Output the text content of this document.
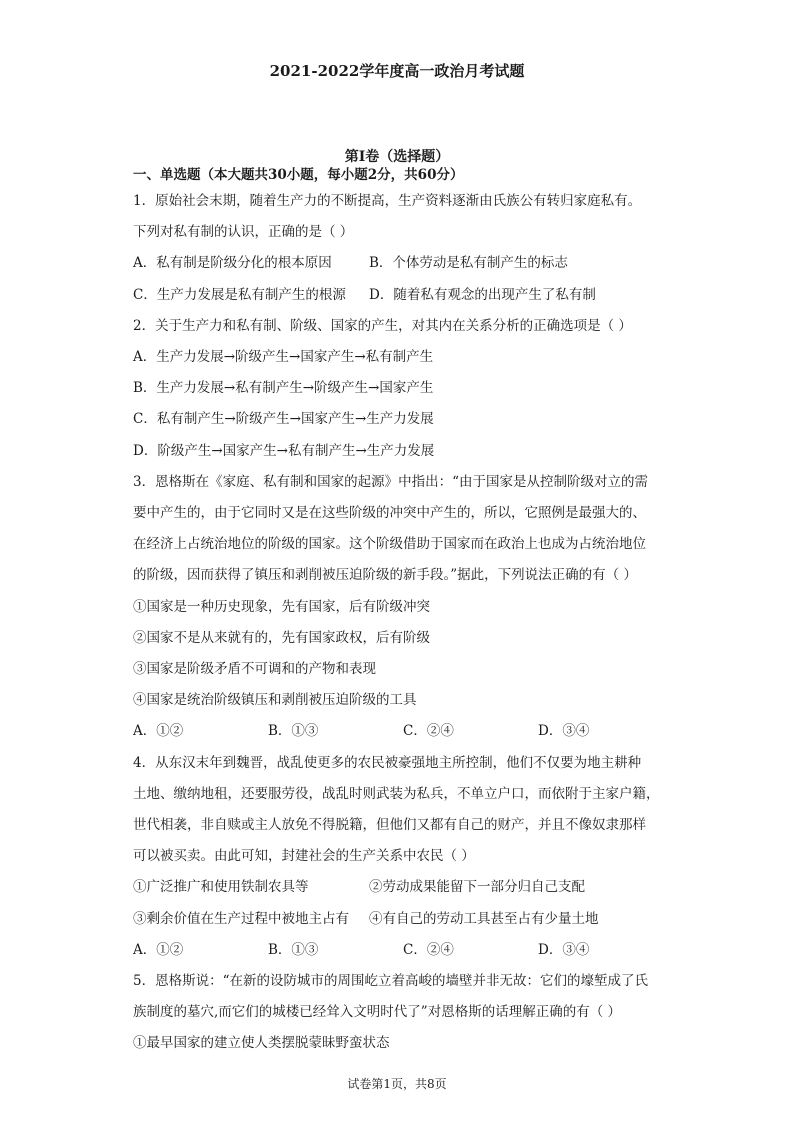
2021-2022学年度高一政治月考试题
第Ⅰ卷（选择题）
一、单选题（本大题共30小题，每小题2分，共60分）
1．原始社会末期，随着生产力的不断提高，生产资料逐渐由氏族公有转归家庭私有。
下列对私有制的认识，正确的是（ ）
A．私有制是阶级分化的根本原因	B．个体劳动是私有制产生的标志
C．生产力发展是私有制产生的根源	D．随着私有观念的出现产生了私有制
2．关于生产力和私有制、阶级、国家的产生，对其内在关系分析的正确选项是（ ）
A．生产力发展→阶级产生→国家产生→私有制产生
B．生产力发展→私有制产生→阶级产生→国家产生
C．私有制产生→阶级产生→国家产生→生产力发展
D．阶级产生→国家产生→私有制产生→生产力发展
3．恩格斯在《家庭、私有制和国家的起源》中指出：“由于国家是从控制阶级对立的需
要中产生的，由于它同时又是在这些阶级的冲突中产生的，所以，它照例是最强大的、
在经济上占统治地位的阶级的国家。这个阶级借助于国家而在政治上也成为占统治地位
的阶级，因而获得了镇压和剥削被压迫阶级的新手段。”据此，下列说法正确的有（ ）
①国家是一种历史现象，先有国家，后有阶级冲突
②国家不是从来就有的，先有国家政权，后有阶级
③国家是阶级矛盾不可调和的产物和表现
④国家是统治阶级镇压和剥削被压迫阶级的工具
A．①②	B．①③	C．②④	D．③④
4．从东汉末年到魏晋，战乱使更多的农民被豪强地主所控制，他们不仅要为地主耕种
土地、缴纳地租，还要服劳役，战乱时则武装为私兵，不单立户口，而依附于主家户籍，
世代相袭，非自赎或主人放免不得脱籍，但他们又都有自己的财产，并且不像奴隶那样
可以被买卖。由此可知，封建社会的生产关系中农民（ ）
①广泛推广和使用铁制农具等	②劳动成果能留下一部分归自己支配
③剩余价值在生产过程中被地主占有	④有自己的劳动工具甚至占有少量土地
A．①②	B．①③	C．②④	D．③④
5．恩格斯说：“在新的设防城市的周围屹立着高峻的墙壁并非无故：它们的壕堑成了氏
族制度的墓穴,而它们的城楼已经耸入文明时代了”对恩格斯的话理解正确的有（ ）
①最早国家的建立使人类摆脱蒙昧野蛮状态
试卷第1页，共8页
